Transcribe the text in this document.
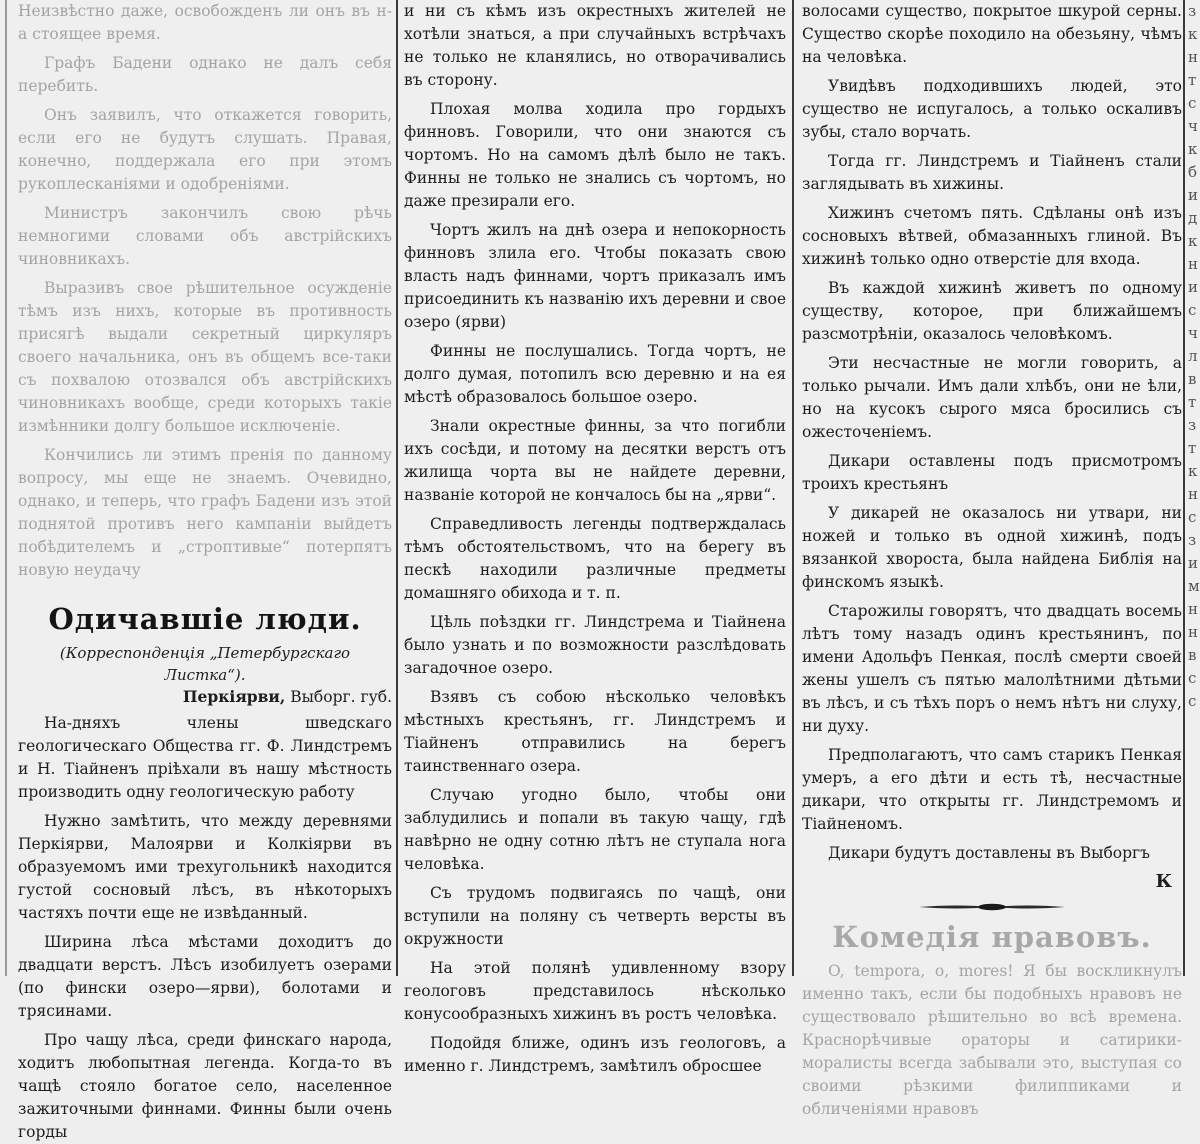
Неизвѣстно даже, освобожденъ ли онъ въ н-а стоящее время.

Графъ Бадени однако не далъ себя перебить.

Онъ заявилъ, что откажется говорить, если его не будутъ слушать. Правая, конечно, поддержала его при этомъ рукоплесканіями и одобреніями.

Министръ закончилъ свою рѣчь немногими словами объ австрійскихъ чиновникахъ.

Выразивъ свое рѣшительное осужденіе тѣмъ изъ нихъ, которые въ противность присягѣ выдали секретный циркуляръ своего начальника, онъ въ общемъ все-таки съ похвалою отозвался объ австрійскихъ чиновникахъ вообще, среди которыхъ такіе измѣнники долгу большое исключеніе.

Кончились ли этимъ пренія по данному вопросу, мы еще не знаемъ. Очевидно, однако, и теперь, что графъ Бадени изъ этой поднятой противъ него кампаніи выйдетъ побѣдителемъ и „строптивые“ потерпятъ новую неудачу

Одичавшіе люди.

(Корреспонденція „Петербургскаго Листка“).

Перкіярви, Выборг. губ.

На-дняхъ члены шведскаго геологическаго Общества гг. Ф. Линдстремъ и Н. Тіайненъ пріѣхали въ нашу мѣстность производить одну геологическую работу

Нужно замѣтить, что между деревнями Перкіярви, Малоярви и Колкіярви въ образуемомъ ими трехугольникѣ находится густой сосновый лѣсъ, въ нѣкоторыхъ частяхъ почти еще не извѣданный.

Ширина лѣса мѣстами доходитъ до двадцати верстъ. Лѣсъ изобилуетъ озерами (по фински озеро—ярви), болотами и трясинами.

Про чащу лѣса, среди финскаго народа, ходитъ любопытная легенда. Когда-то въ чащѣ стояло богатое село, населенное зажиточными финнами. Финны были очень горды

и ни съ кѣмъ изъ окрестныхъ жителей не хотѣли знаться, а при случайныхъ встрѣчахъ не только не кланялись, но отворачивались въ сторону.

Плохая молва ходила про гордыхъ финновъ. Говорили, что они знаются съ чортомъ. Но на самомъ дѣлѣ было не такъ. Финны не только не знались съ чортомъ, но даже презирали его.

Чортъ жилъ на днѣ озера и непокорность финновъ злила его. Чтобы показать свою власть надъ финнами, чортъ приказалъ имъ присоединить къ названію ихъ деревни и свое озеро (ярви)

Финны не послушались. Тогда чортъ, не долго думая, потопилъ всю деревню и на ея мѣстѣ образовалось большое озеро.

Знали окрестные финны, за что погибли ихъ сосѣди, и потому на десятки верстъ отъ жилища чорта вы не найдете деревни, названіе которой не кончалось бы на „ярви“.

Справедливость легенды подтверждалась тѣмъ обстоятельствомъ, что на берегу въ пескѣ находили различные предметы домашняго обихода и т. п.

Цѣль поѣздки гг. Линдстрема и Тіайнена было узнать и по возможности разслѣдовать загадочное озеро.

Взявъ съ собою нѣсколько человѣкъ мѣстныхъ крестьянъ, гг. Линдстремъ и Тіайненъ отправились на берегъ таинственнаго озера.

Случаю угодно было, чтобы они заблудились и попали въ такую чащу, гдѣ навѣрно не одну сотню лѣтъ не ступала нога человѣка.

Съ трудомъ подвигаясь по чащѣ, они вступили на поляну съ четверть версты въ окружности

На этой полянѣ удивленному взору геологовъ представилось нѣсколько конусообразныхъ хижинъ въ ростъ человѣка.

Подойдя ближе, одинъ изъ геологовъ, а именно г. Линдстремъ, замѣтилъ обросшее

волосами существо, покрытое шкурой серны. Существо скорѣе походило на обезьяну, чѣмъ на человѣка.

Увидѣвъ подходившихъ людей, это существо не испугалось, а только оскаливъ зубы, стало ворчать.

Тогда гг. Линдстремъ и Тіайненъ стали заглядывать въ хижины.

Хижинъ счетомъ пять. Сдѣланы онѣ изъ сосновыхъ вѣтвей, обмазанныхъ глиной. Въ хижинѣ только одно отверстіе для входа.

Въ каждой хижинѣ живетъ по одному существу, которое, при ближайшемъ разсмотрѣніи, оказалось человѣкомъ.

Эти несчастные не могли говорить, а только рычали. Имъ дали хлѣбъ, они не ѣли, но на кусокъ сырого мяса бросились съ ожесточеніемъ.

Дикари оставлены подъ присмотромъ троихъ крестьянъ

У дикарей не оказалось ни утвари, ни ножей и только въ одной хижинѣ, подъ вязанкой хвороста, была найдена Библія на финскомъ языкѣ.

Старожилы говорятъ, что двадцать восемь лѣтъ тому назадъ одинъ крестьянинъ, по имени Адольфъ Пенкая, послѣ смерти своей жены ушелъ съ пятью малолѣтними дѣтьми въ лѣсъ, и съ тѣхъ поръ о немъ нѣтъ ни слуху, ни духу.

Предполагаютъ, что самъ старикъ Пенкая умеръ, а его дѣти и есть тѣ, несчастные дикари, что открыты гг. Линдстремомъ и Тіайненомъ.

Дикари будутъ доставлены въ Выборгъ

К
Комедія нравовъ.

O, tempora, o, mores! Я бы воскликнулъ именно такъ, если бы подобныхъ нравовъ не существовало рѣшительно во всѣ времена. Краснорѣчивые ораторы и сатирики-моралисты всегда забывали это, выступая со своими рѣзкими филиппиками и обличеніями нравовъ

з

к

н

т

с

ч

к

б

и

д

к

н

и

с

ч

л

в

т

з

т

к

н

с

з

и

м

н

н

в

с

с
